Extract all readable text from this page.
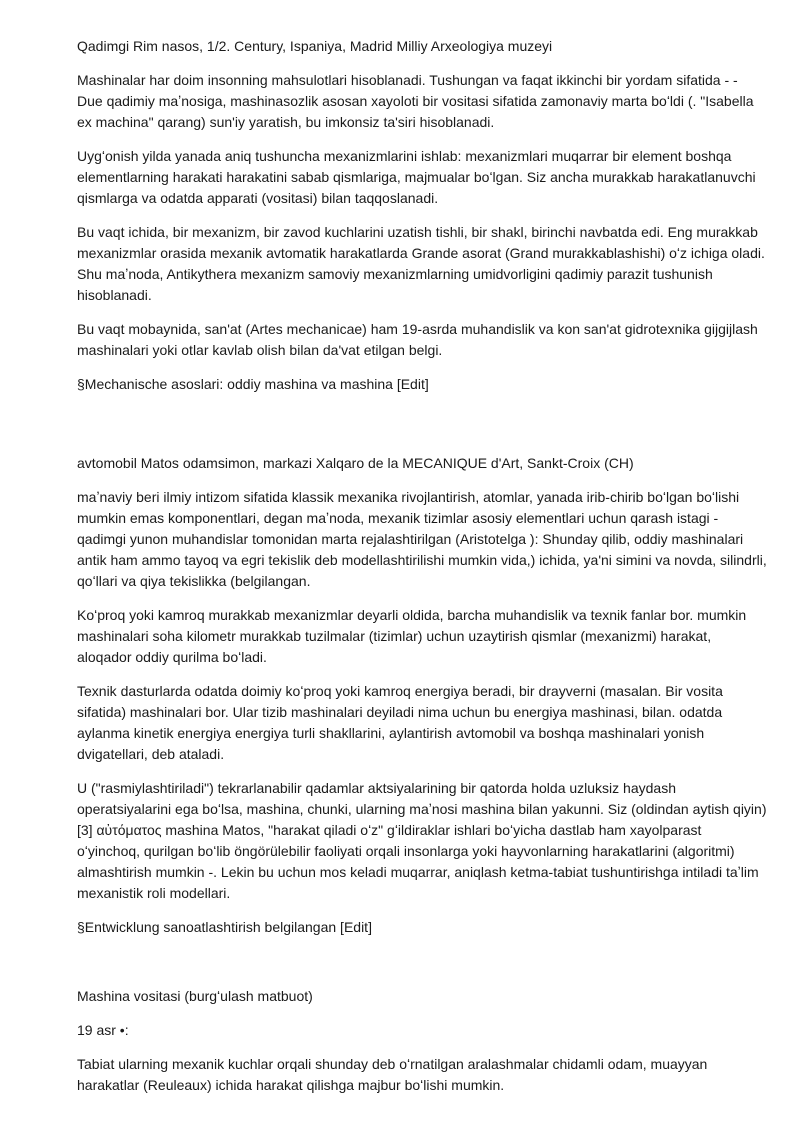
Qadimgi Rim nasos, 1/2. Century, Ispaniya, Madrid Milliy Arxeologiya muzeyi

Mashinalar har doim insonning mahsulotlari hisoblanadi. Tushungan va faqat ikkinchi bir yordam sifatida - - Due qadimiy maʼnosiga, mashinasozlik asosan xayoloti bir vositasi sifatida zamonaviy marta boʻldi (. "Isabella ex machina" qarang) sun'iy yaratish, bu imkonsiz ta'siri hisoblanadi.

Uygʻonish yilda yanada aniq tushuncha mexanizmlarini ishlab: mexanizmlari muqarrar bir element boshqa elementlarning harakati harakatini sabab qismlariga, majmualar boʻlgan. Siz ancha murakkab harakatlanuvchi qismlarga va odatda apparati (vositasi) bilan taqqoslanadi.

Bu vaqt ichida, bir mexanizm, bir zavod kuchlarini uzatish tishli, bir shakl, birinchi navbatda edi. Eng murakkab mexanizmlar orasida mexanik avtomatik harakatlarda Grande asorat (Grand murakkablashishi) oʻz ichiga oladi. Shu maʼnoda, Antikythera mexanizm samoviy mexanizmlarning umidvorligini qadimiy parazit tushunish hisoblanadi.

Bu vaqt mobaynida, san'at (Artes mechanicae) ham 19-asrda muhandislik va kon san'at gidrotexnika gijgijlash mashinalari yoki otlar kavlab olish bilan da'vat etilgan belgi.

§Mechanische asoslari: oddiy mashina va mashina [Edit]

avtomobil Matos odamsimon, markazi Xalqaro de la MECANIQUE d'Art, Sankt-Croix (CH)

maʼnaviy beri ilmiy intizom sifatida klassik mexanika rivojlantirish, atomlar, yanada irib-chirib boʻlgan boʻlishi mumkin emas komponentlari, degan maʼnoda, mexanik tizimlar asosiy elementlari uchun qarash istagi - qadimgi yunon muhandislar tomonidan marta rejalashtirilgan (Aristotelga ): Shunday qilib, oddiy mashinalari antik ham ammo tayoq va egri tekislik deb modellashtirilishi mumkin vida,) ichida, ya'ni simini va novda, silindrli, qoʻllari va qiya tekislikka (belgilangan.

Koʻproq yoki kamroq murakkab mexanizmlar deyarli oldida, barcha muhandislik va texnik fanlar bor. mumkin mashinalari soha kilometr murakkab tuzilmalar (tizimlar) uchun uzaytirish qismlar (mexanizmi) harakat, aloqador oddiy qurilma boʻladi.

Texnik dasturlarda odatda doimiy koʻproq yoki kamroq energiya beradi, bir drayverni (masalan. Bir vosita sifatida) mashinalari bor. Ular tizib mashinalari deyiladi nima uchun bu energiya mashinasi, bilan. odatda aylanma kinetik energiya energiya turli shakllarini, aylantirish avtomobil va boshqa mashinalari yonish dvigatellari, deb ataladi.

U ("rasmiylashtiriladi") tekrarlanabilir qadamlar aktsiyalarining bir qatorda holda uzluksiz haydash operatsiyalarini ega boʻlsa, mashina, chunki, ularning maʼnosi mashina bilan yakunni. Siz (oldindan aytish qiyin) [3] αὐτόματος mashina Matos, "harakat qiladi oʻz" gʻildiraklar ishlari boʻyicha dastlab ham xayolparast oʻyinchoq, qurilgan boʻlib öngörülebilir faoliyati orqali insonlarga yoki hayvonlarning harakatlarini (algoritmi) almashtirish mumkin -. Lekin bu uchun mos keladi muqarrar, aniqlash ketma-tabiat tushuntirishga intiladi taʼlim mexanistik roli modellari.

§Entwicklung sanoatlashtirish belgilangan [Edit]

Mashina vositasi (burgʻulash matbuot)

19 asr •:

Tabiat ularning mexanik kuchlar orqali shunday deb oʻrnatilgan aralashmalar chidamli odam, muayyan harakatlar (Reuleaux) ichida harakat qilishga majbur boʻlishi mumkin.
